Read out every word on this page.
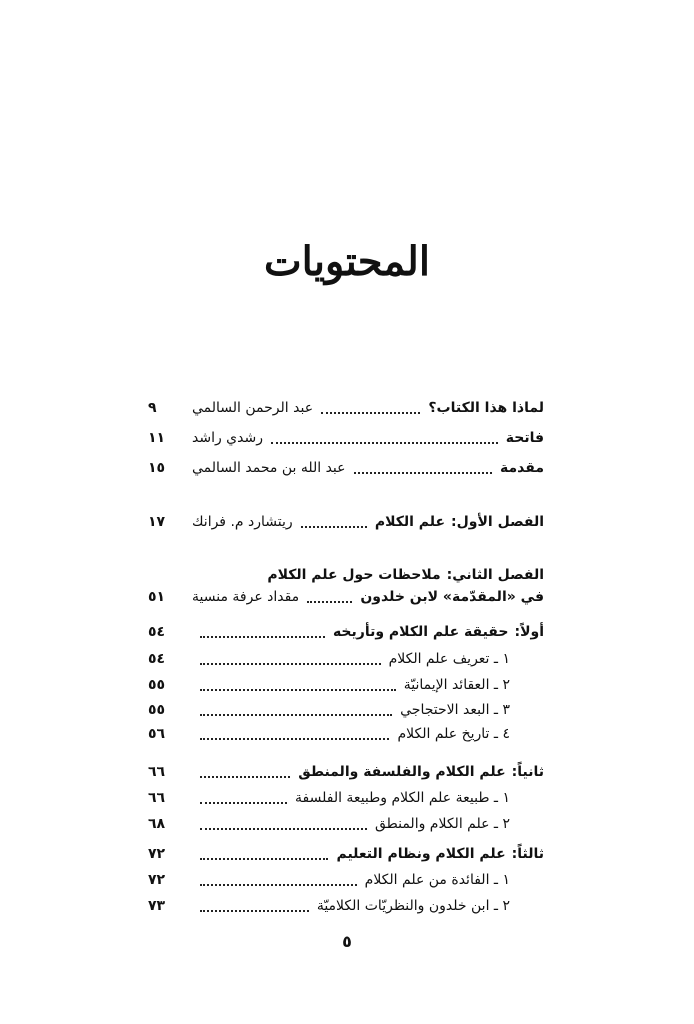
المحتويات
لماذا هذا الكتاب؟
عبد الرحمن السالمي
٩
فاتحة
رشدي راشد
١١
مقدمة
عبد الله بن محمد السالمي
١٥
الفصل الأول:
علم الكلام
ريتشارد م. فرانك
١٧
الفصل الثاني:
ملاحظات حول علم الكلام
في «المقدّمة» لابن خلدون
مقداد عرفة منسية
٥١
أولاً:
حقيقة علم الكلام وتأريخه
٥٤
١ ـ تعريف علم الكلام
٥٤
٢ ـ العقائد الإيمانيّة
٥٥
٣ ـ البعد الاحتجاجي
٥٥
٤ ـ تاريخ علم الكلام
٥٦
ثانياً:
علم الكلام والفلسفة والمنطق
٦٦
١ ـ طبيعة علم الكلام وطبيعة الفلسفة
٦٦
٢ ـ علم الكلام والمنطق
٦٨
ثالثاً:
علم الكلام ونظام التعليم
٧٢
١ ـ الفائدة من علم الكلام
٧٢
٢ ـ ابن خلدون والنظريّات الكلاميّة
٧٣
٥
